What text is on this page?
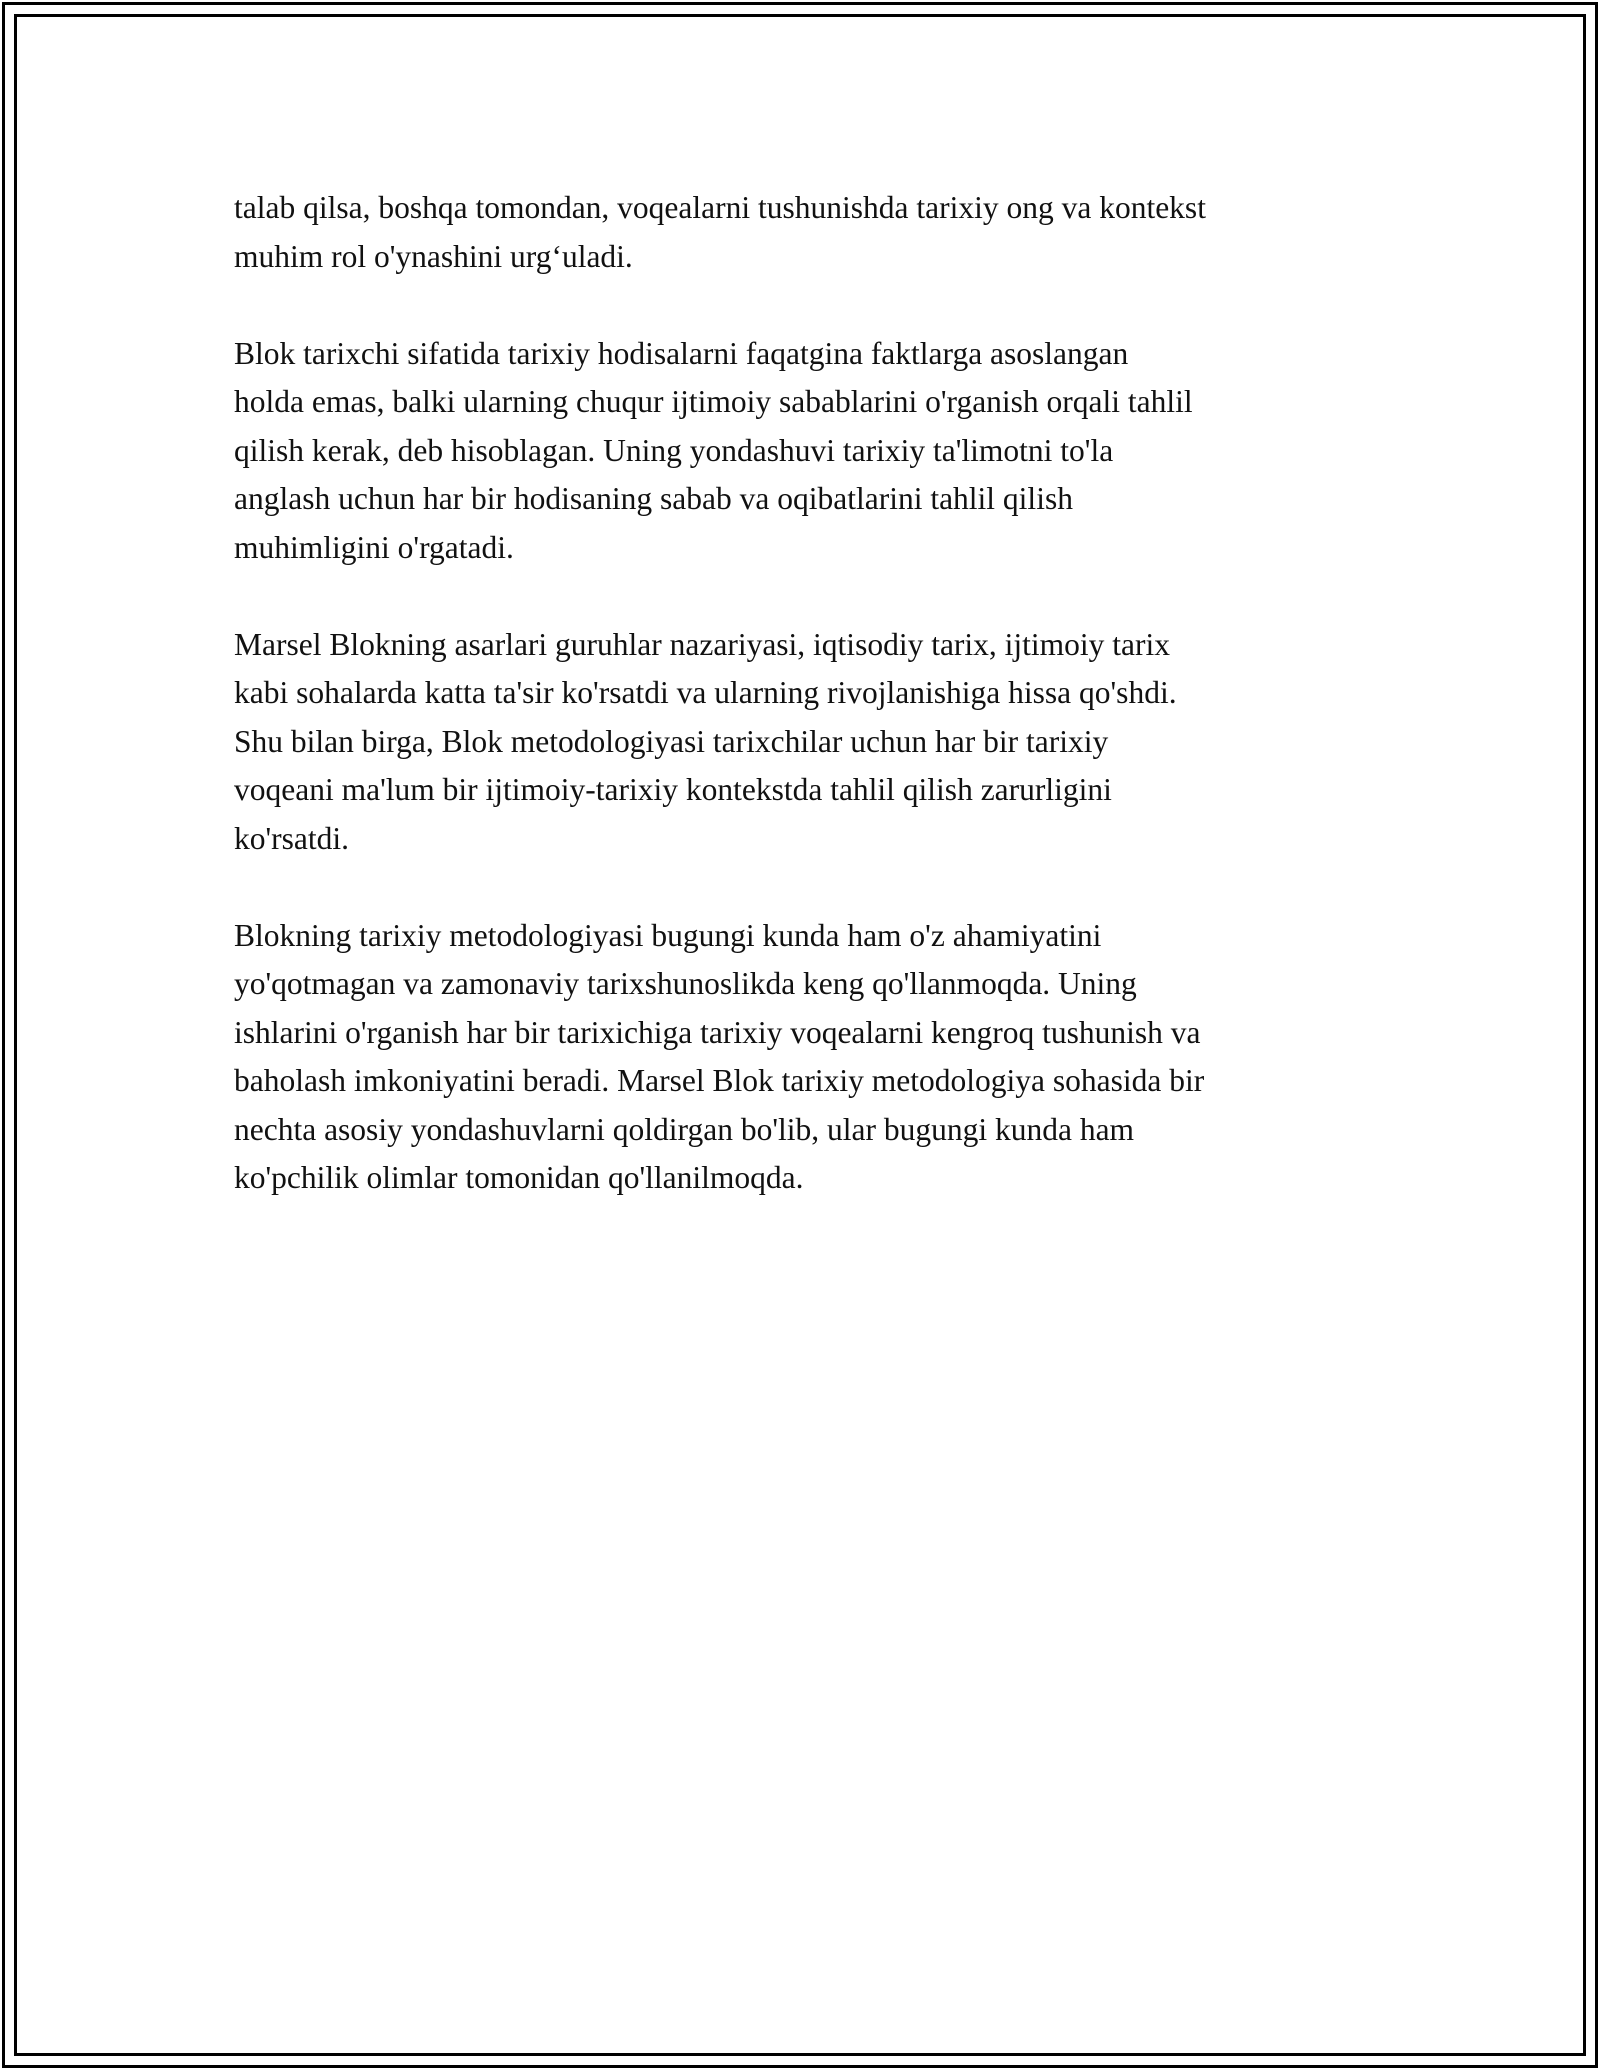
talab qilsa, boshqa tomondan, voqealarni tushunishda tarixiy ong va kontekst
muhim rol o'ynashini urg‘uladi.

Blok tarixchi sifatida tarixiy hodisalarni faqatgina faktlarga asoslangan
holda emas, balki ularning chuqur ijtimoiy sabablarini o'rganish orqali tahlil
qilish kerak, deb hisoblagan. Uning yondashuvi tarixiy ta'limotni to'la
anglash uchun har bir hodisaning sabab va oqibatlarini tahlil qilish
muhimligini o'rgatadi.

Marsel Blokning asarlari guruhlar nazariyasi, iqtisodiy tarix, ijtimoiy tarix
kabi sohalarda katta ta'sir ko'rsatdi va ularning rivojlanishiga hissa qo'shdi.
Shu bilan birga, Blok metodologiyasi tarixchilar uchun har bir tarixiy
voqeani ma'lum bir ijtimoiy-tarixiy kontekstda tahlil qilish zarurligini
ko'rsatdi.

Blokning tarixiy metodologiyasi bugungi kunda ham o'z ahamiyatini
yo'qotmagan va zamonaviy tarixshunoslikda keng qo'llanmoqda. Uning
ishlarini o'rganish har bir tarixichiga tarixiy voqealarni kengroq tushunish va
baholash imkoniyatini beradi. Marsel Blok tarixiy metodologiya sohasida bir
nechta asosiy yondashuvlarni qoldirgan bo'lib, ular bugungi kunda ham
ko'pchilik olimlar tomonidan qo'llanilmoqda.
